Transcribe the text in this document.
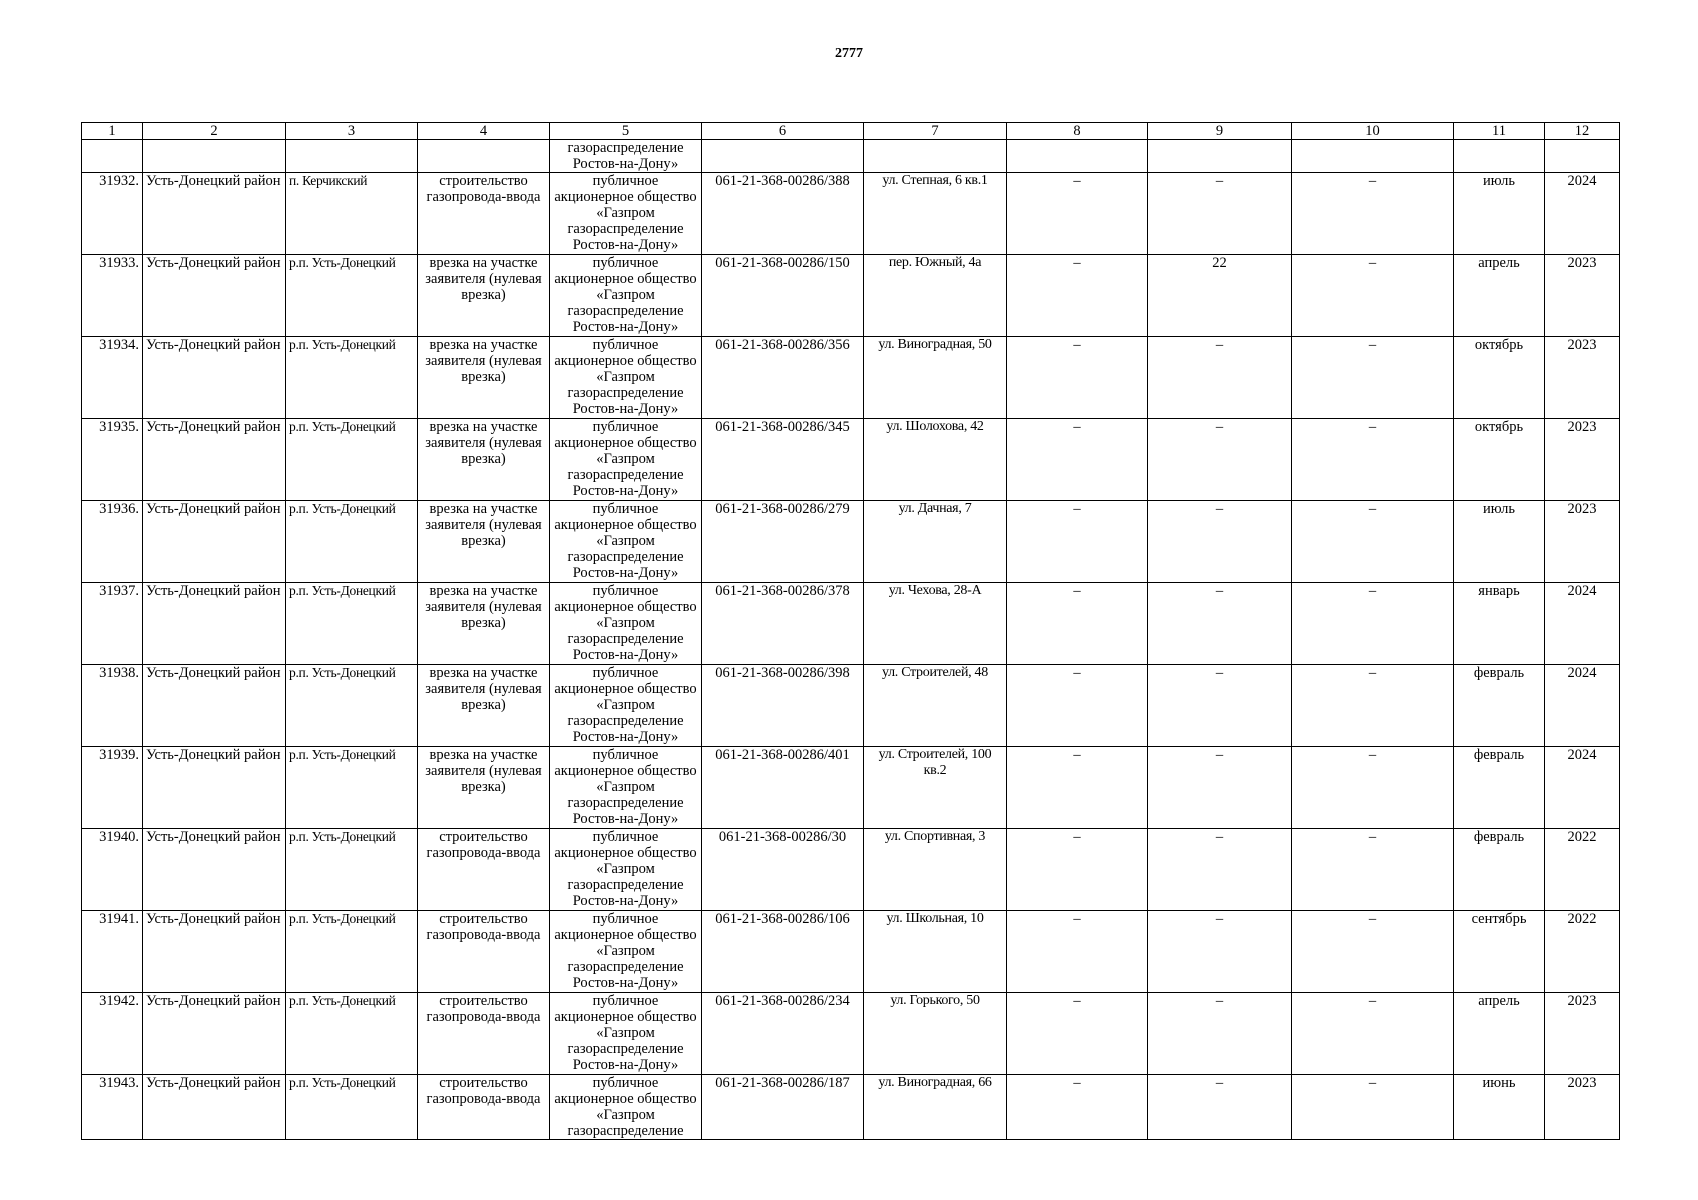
2777
1	2	3	4	5	6	7	8	9	10	11	12
				газораспределение Ростов-на-Дону»							
31932.	Усть-Донецкий район	п. Керчикский	строительство газопровода-ввода	публичное акционерное общество «Газпром газораспределение Ростов-на-Дону»	061-21-368-00286/388	ул. Степная, 6 кв.1	–	–	–	июль	2024
31933.	Усть-Донецкий район	р.п. Усть-Донецкий	врезка на участке заявителя (нулевая врезка)	публичное акционерное общество «Газпром газораспределение Ростов-на-Дону»	061-21-368-00286/150	пер. Южный, 4а	–	22	–	апрель	2023
31934.	Усть-Донецкий район	р.п. Усть-Донецкий	врезка на участке заявителя (нулевая врезка)	публичное акционерное общество «Газпром газораспределение Ростов-на-Дону»	061-21-368-00286/356	ул. Виноградная, 50	–	–	–	октябрь	2023
31935.	Усть-Донецкий район	р.п. Усть-Донецкий	врезка на участке заявителя (нулевая врезка)	публичное акционерное общество «Газпром газораспределение Ростов-на-Дону»	061-21-368-00286/345	ул. Шолохова, 42	–	–	–	октябрь	2023
31936.	Усть-Донецкий район	р.п. Усть-Донецкий	врезка на участке заявителя (нулевая врезка)	публичное акционерное общество «Газпром газораспределение Ростов-на-Дону»	061-21-368-00286/279	ул. Дачная, 7	–	–	–	июль	2023
31937.	Усть-Донецкий район	р.п. Усть-Донецкий	врезка на участке заявителя (нулевая врезка)	публичное акционерное общество «Газпром газораспределение Ростов-на-Дону»	061-21-368-00286/378	ул. Чехова, 28-А	–	–	–	январь	2024
31938.	Усть-Донецкий район	р.п. Усть-Донецкий	врезка на участке заявителя (нулевая врезка)	публичное акционерное общество «Газпром газораспределение Ростов-на-Дону»	061-21-368-00286/398	ул. Строителей, 48	–	–	–	февраль	2024
31939.	Усть-Донецкий район	р.п. Усть-Донецкий	врезка на участке заявителя (нулевая врезка)	публичное акционерное общество «Газпром газораспределение Ростов-на-Дону»	061-21-368-00286/401	ул. Строителей, 100 кв.2	–	–	–	февраль	2024
31940.	Усть-Донецкий район	р.п. Усть-Донецкий	строительство газопровода-ввода	публичное акционерное общество «Газпром газораспределение Ростов-на-Дону»	061-21-368-00286/30	ул. Спортивная, 3	–	–	–	февраль	2022
31941.	Усть-Донецкий район	р.п. Усть-Донецкий	строительство газопровода-ввода	публичное акционерное общество «Газпром газораспределение Ростов-на-Дону»	061-21-368-00286/106	ул. Школьная, 10	–	–	–	сентябрь	2022
31942.	Усть-Донецкий район	р.п. Усть-Донецкий	строительство газопровода-ввода	публичное акционерное общество «Газпром газораспределение Ростов-на-Дону»	061-21-368-00286/234	ул. Горького, 50	–	–	–	апрель	2023
31943.	Усть-Донецкий район	р.п. Усть-Донецкий	строительство газопровода-ввода	публичное акционерное общество «Газпром газораспределение	061-21-368-00286/187	ул. Виноградная, 66	–	–	–	июнь	2023
